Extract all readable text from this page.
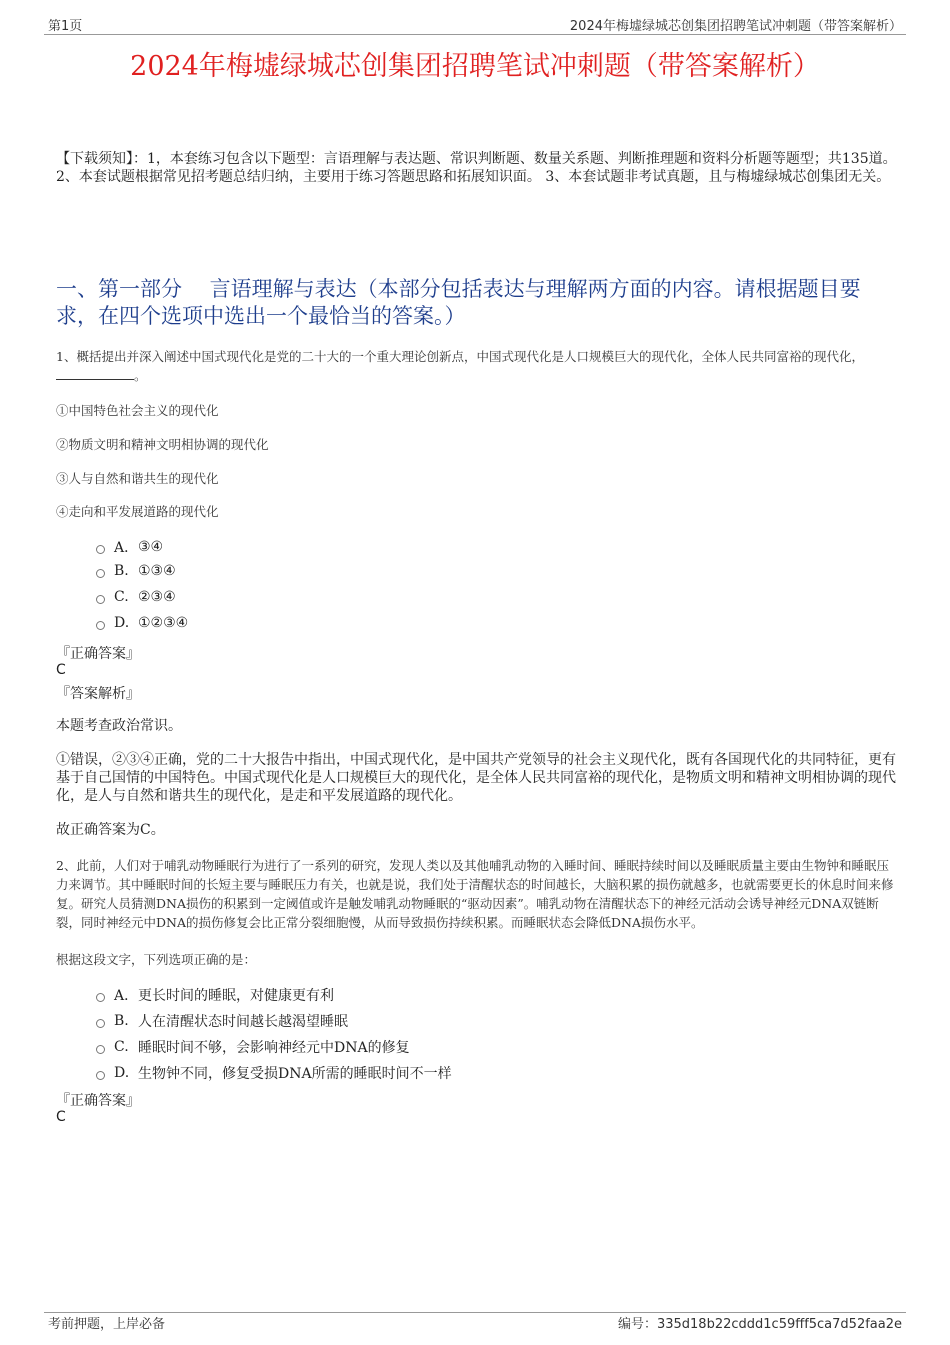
第1页	2024年梅墟绿城芯创集团招聘笔试冲刺题（带答案解析）
2024年梅墟绿城芯创集团招聘笔试冲刺题（带答案解析）
【下载须知】：1，本套练习包含以下题型：言语理解与表达题、常识判断题、数量关系题、判断推理题和资料分析题等题型；共135道。 2、本套试题根据常见招考题总结归纳，主要用于练习答题思路和拓展知识面。 3、本套试题非考试真题，且与梅墟绿城芯创集团无关。
一、第一部分　 言语理解与表达（本部分包括表达与理解两方面的内容。请根据题目要求，在四个选项中选出一个最恰当的答案。）
1、概括提出并深入阐述中国式现代化是党的二十大的一个重大理论创新点，中国式现代化是人口规模巨大的现代化，全体人民共同富裕的现代化，。
①中国特色社会主义的现代化
②物质文明和精神文明相协调的现代化
③人与自然和谐共生的现代化
④走向和平发展道路的现代化
A． ③④
B. ①③④
C. ②③④
D. ①②③④
『正确答案』
C
『答案解析』
本题考查政治常识。
①错误，②③④正确，党的二十大报告中指出，中国式现代化，是中国共产党领导的社会主义现代化，既有各国现代化的共同特征，更有基于自己国情的中国特色。中国式现代化是人口规模巨大的现代化，是全体人民共同富裕的现代化，是物质文明和精神文明相协调的现代化，是人与自然和谐共生的现代化，是走和平发展道路的现代化。
故正确答案为C。
2、此前，人们对于哺乳动物睡眠行为进行了一系列的研究，发现人类以及其他哺乳动物的入睡时间、睡眠持续时间以及睡眠质量主要由生物钟和睡眠压力来调节。其中睡眠时间的长短主要与睡眠压力有关，也就是说，我们处于清醒状态的时间越长，大脑积累的损伤就越多，也就需要更长的休息时间来修复。研究人员猜测DNA损伤的积累到一定阈值或许是触发哺乳动物睡眠的“驱动因素”。哺乳动物在清醒状态下的神经元活动会诱导神经元DNA双链断裂，同时神经元中DNA的损伤修复会比正常分裂细胞慢，从而导致损伤持续积累。而睡眠状态会降低DNA损伤水平。
根据这段文字，下列选项正确的是：
A． 更长时间的睡眠，对健康更有利
B. 人在清醒状态时间越长越渴望睡眠
C. 睡眠时间不够，会影响神经元中DNA的修复
D. 生物钟不同，修复受损DNA所需的睡眠时间不一样
『正确答案』
C
考前押题，上岸必备	编号：335d18b22cddd1c59fff5ca7d52faa2e
